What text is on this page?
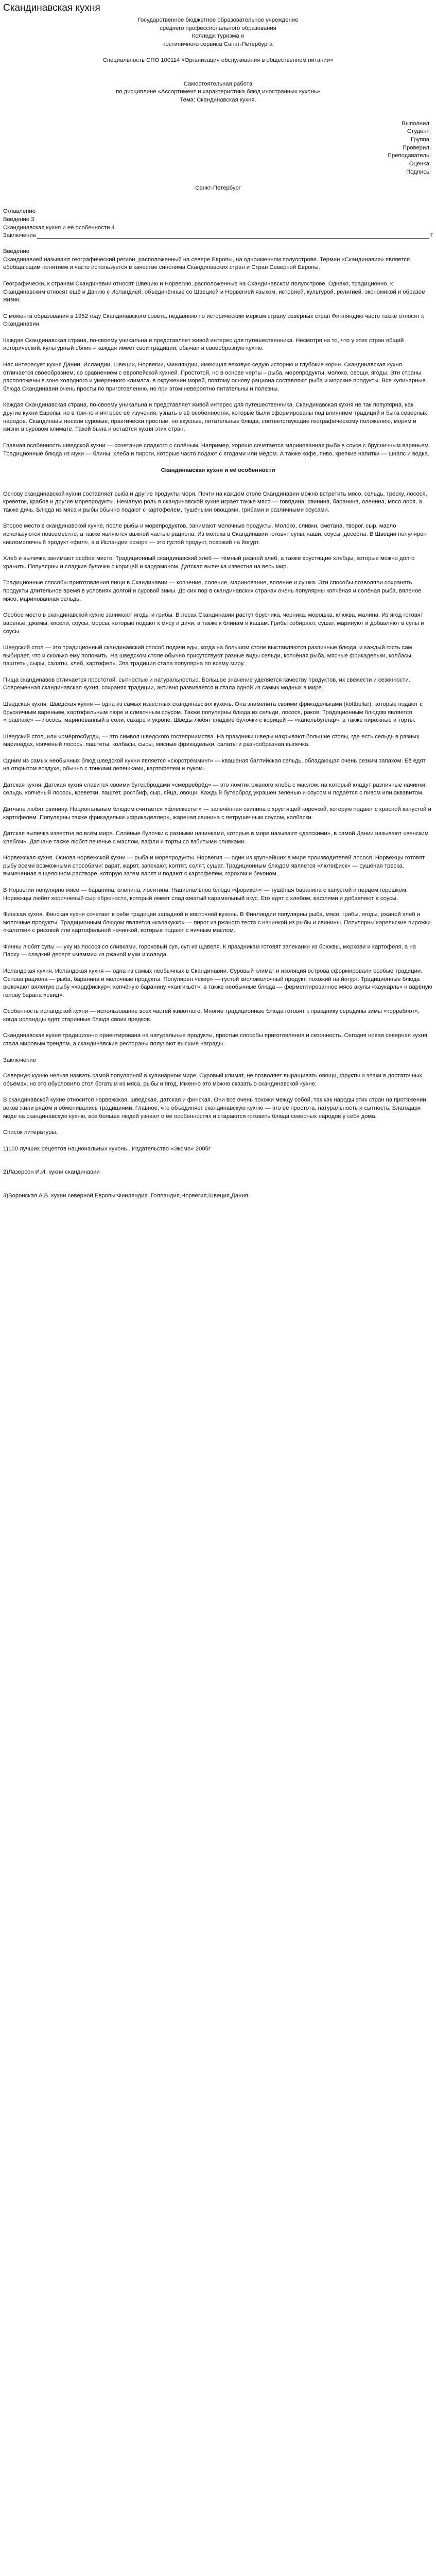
Скандинавская кухня

Государственное бюджетное образовательное учреждение

среднего профессионального образования

Колледж туризма и

гостиничного сервиса Санкт-Петербурга

Специальность СПО 100114 «Организация обслуживания в общественном питании»

Самостоятельная работа

по дисциплине «Ассортимент и характеристика блюд иностранных кухонь»

Тема: Скандинавская кухня.

Выполнил:

Студент:

Группа:

Проверил:

Преподаватель:

Оценка:

Подпись:

Санкт-Петербург

Оглавление

Введение 3

Скандинавская кухня и её особенности 4

Заключение	7

Введение

Скандинавией называют географический регион, расположенный на севере Европы, на одноименном полуострове. Термин «Скандинавия» является обобщающим понятием и часто используется в качестве синонима Скандинавских стран и Стран Северной Европы.

Географически, к странам Скандинавии относят Швецию и Норвегию, расположенные на Скандинавском полуострове. Однако, традиционно, к Скандинавским относят ещё и Данию с Исландией, объединённые со Швецией и Норвегией языком, историей, культурой, религией, экономикой и образом жизни.

С момента образования в 1952 году Скандинавского совета, недавнюю по историческим меркам страну северных стран Финляндию часто также относят к Скандинавии.

Каждая Скандинавская страна, по-своему уникальна и представляет живой интерес для путешественника. Несмотря на то, что у этих стран общий исторический, культурный облик – каждая имеет свои традиции, обычаи и своеобразную кухню.

Нас интересует кухня Дании, Исландии, Швеции, Норвегии, Финляндии, имеющая вековую седую историю и глубокие корни. Скандинавская кухня отличается своеобразием, со сравнением с европейской кухней. Простотой, но в основе черты – рыба, морепродукты, молоко, овощи, ягоды. Эти страны расположены в зоне холодного и умеренного климата, в окружении морей, поэтому основу рациона составляют рыба и морские продукты. Все кулинарные блюда Скандинавии очень просты по приготовлению, но при этом невероятно питательны и полезны.

Каждая Скандинавская страна, по-своему уникальна и представляет живой интерес для путешественника. Скандинавская кухня не так популярна, как другие кухни Европы, но в том-то и интерес её изучения, узнать о её особенностях, которые были сформированы под влиянием традиций и быта северных народов. Скандинавы носили суровые, практически простые, но вкусные, питательные блюда, соответствующие географическому положению, морям и жизни в суровом климате. Такой была и остаётся кухня этих стран.

Главная особенность шведской кухни — сочетание сладкого с солёным. Например, хорошо сочетается маринованная рыба в соусе с брусничным вареньем. Традиционные блюда из муки — блины, хлеба и пироги, которые часто подают с ягодами или мёдом. А также кофе, пиво, крепкие напитки — шнапс и водка.

Скандинавская кухня и её особенности

Основу скандинавской кухни составляет рыба и другие продукты моря. Почти на каждом столе Скандинавии можно встретить мясо, сельдь, треску, лосося, креветок, крабов и другие морепродукты. Немалую роль в скандинавской кухне играет также мясо — говядина, свинина, баранина, оленина, мясо лося, а также дичь. Блюда из мяса и рыбы обычно подают с картофелем, тушёными овощами, грибами и различными соусами.

Второе место в скандинавской кухне, после рыбы и морепродуктов, занимают молочные продукты. Молоко, сливки, сметана, творог, сыр, масло используются повсеместно, а также являются важной частью рациона. Из молока в Скандинавии готовят супы, каши, соусы, десерты. В Швеции популярен кисломолочный продукт «фил», а в Исландии «скир» — это густой продукт, похожий на йогурт.

Хлеб и выпечка занимают особое место. Традиционный скандинавский хлеб — тёмный ржаной хлеб, а также хрустящие хлебцы, которые можно долго хранить. Популярны и сладкие булочки с корицей и кардамоном. Датская выпечка известна на весь мир.

Традиционные способы приготовления пищи в Скандинавии — копчение, соление, маринование, вяление и сушка. Эти способы позволяли сохранять продукты длительное время в условиях долгой и суровой зимы. До сих пор в скандинавских странах очень популярны копчёная и солёная рыба, вяленое мясо, маринованная сельдь.

Особое место в скандинавской кухне занимают ягоды и грибы. В лесах Скандинавии растут брусника, черника, морошка, клюква, малина. Из ягод готовят варенье, джемы, кисели, соусы, морсы, которые подают к мясу и дичи, а также к блинам и кашам. Грибы собирают, сушат, маринуют и добавляют в супы и соусы.

Шведский стол — это традиционный скандинавский способ подачи еды, когда на большом столе выставляются различные блюда, и каждый гость сам выбирает, что и сколько ему положить. На шведском столе обычно присутствуют разные виды сельди, копчёная рыба, мясные фрикадельки, колбасы, паштеты, сыры, салаты, хлеб, картофель. Эта традиция стала популярна по всему миру.

Пища скандинавов отличается простотой, сытностью и натуральностью. Большое значение уделяется качеству продуктов, их свежести и сезонности. Современная скандинавская кухня, сохраняя традиции, активно развивается и стала одной из самых модных в мире.

Шведская кухня. Шведская кухня — одна из самых известных скандинавских кухонь. Она знаменита своими фрикадельками (köttbullar), которые подают с брусничным вареньем, картофельным пюре и сливочным соусом. Также популярны блюда из сельди, лосося, раков. Традиционным блюдом является «гравлакс» — лосось, маринованный в соли, сахаре и укропе. Шведы любят сладкие булочки с корицей — «канельбуллар», а также пирожные и торты.

Шведский стол, или «смёргосбурд», — это символ шведского гостеприимства. На праздники шведы накрывают большие столы, где есть сельдь в разных маринадах, копчёный лосось, паштеты, колбасы, сыры, мясные фрикадельки, салаты и разнообразная выпечка.

Одним из самых необычных блюд шведской кухни является «сюрстрёмминг» — квашеная балтийская сельдь, обладающая очень резким запахом. Её едят на открытом воздухе, обычно с тонкими лепёшками, картофелем и луком.

Датская кухня. Датская кухня славится своими бутербродами «смёрребрёд» — это ломтик ржаного хлеба с маслом, на который кладут различные начинки: сельдь, копчёный лосось, креветки, паштет, ростбиф, сыр, яйца, овощи. Каждый бутерброд украшен зеленью и соусом и подаётся с пивом или аквавитом.

Датчане любят свинину. Национальным блюдом считается «флескестег» — запечённая свинина с хрустящей корочкой, которую подают с красной капустой и картофелем. Популярны также фрикадельки «фрикаделлер», жареная свинина с петрушечным соусом, колбаски.

Датская выпечка известна во всём мире. Слоёные булочки с разными начинками, которые в мире называют «датскими», в самой Дании называют «венским хлебом». Датчане также любят печенье с маслом, вафли и торты со взбитыми сливками.

Норвежская кухня. Основа норвежской кухни — рыба и морепродукты. Норвегия — один из крупнейших в мире производителей лосося. Норвежцы готовят рыбу всеми возможными способами: варят, жарят, запекают, коптят, солят, сушат. Традиционным блюдом является «лютефиск» — сушёная треска, вымоченная в щелочном растворе, которую затем варят и подают с картофелем, горохом и беконом.

В Норвегии популярно мясо — баранина, оленина, лосятина. Национальное блюдо «форикол» — тушёная баранина с капустой и перцем горошком. Норвежцы любят коричневый сыр «брюност», который имеет сладковатый карамельный вкус. Его едят с хлебом, вафлями и добавляют в соусы.

Финская кухня. Финская кухня сочетает в себе традиции западной и восточной кухонь. В Финляндии популярны рыба, мясо, грибы, ягоды, ржаной хлеб и молочные продукты. Традиционным блюдом является «калакукко» — пирог из ржаного теста с начинкой из рыбы и свинины. Популярны карельские пирожки «калитки» с рисовой или картофельной начинкой, которые подают с яичным маслом.

Финны любят супы — уху из лосося со сливками, гороховый суп, суп из щавеля. К праздникам готовят запеканки из брюквы, моркови и картофеля, а на Пасху — сладкий десерт «мямми» из ржаной муки и солода.

Исландская кухня. Исландская кухня — одна из самых необычных в Скандинавии. Суровый климат и изоляция острова сформировали особые традиции. Основа рациона — рыба, баранина и молочные продукты. Популярен «скир» — густой кисломолочный продукт, похожий на йогурт. Традиционные блюда включают вяленую рыбу «хардфискур», копчёную баранину «хангикьёт», а также необычные блюда — ферментированное мясо акулы «хаукарль» и варёную голову барана «свид».

Особенность исландской кухни — использование всех частей животного. Многие традиционные блюда готовят к празднику середины зимы «торраблот», когда исландцы едят старинные блюда своих предков.

Скандинавская кухня традиционно ориентирована на натуральные продукты, простые способы приготовления и сезонность. Сегодня новая северная кухня стала мировым трендом, а скандинавские рестораны получают высшие награды.

Заключение

Северную кухню нельзя назвать самой популярной в кулинарном мире. Суровый климат, не позволяет выращивать овощи, фрукты и злаки в достаточных объёмах, но это обусловило стол богатым из мяса, рыбы и ягод. Именно это можно сказать о скандинавской кухне.

В скандинавской кухне относится норвежская, шведская, датская и финская. Они все очень похожи между собой, так как народы этих стран на протяжении веков жили рядом и обменивались традициями. Главное, что объединяет скандинавскую кухню — это её простота, натуральность и сытность. Благодаря моде на скандинавскую кухню, все больше людей узнают о её особенностях и стараются готовить блюда северных народов у себя дома.

Список литературы.

1)100 лучших рецептов национальных кухонь . Издательство «Эксмо» 2005г

2)Лазерсон И.И. кухни скандинавии

3)Воронская А.В. кухни северной Европы:Финляндия ,Голландия,Норвегия,Швеция,Дания.
